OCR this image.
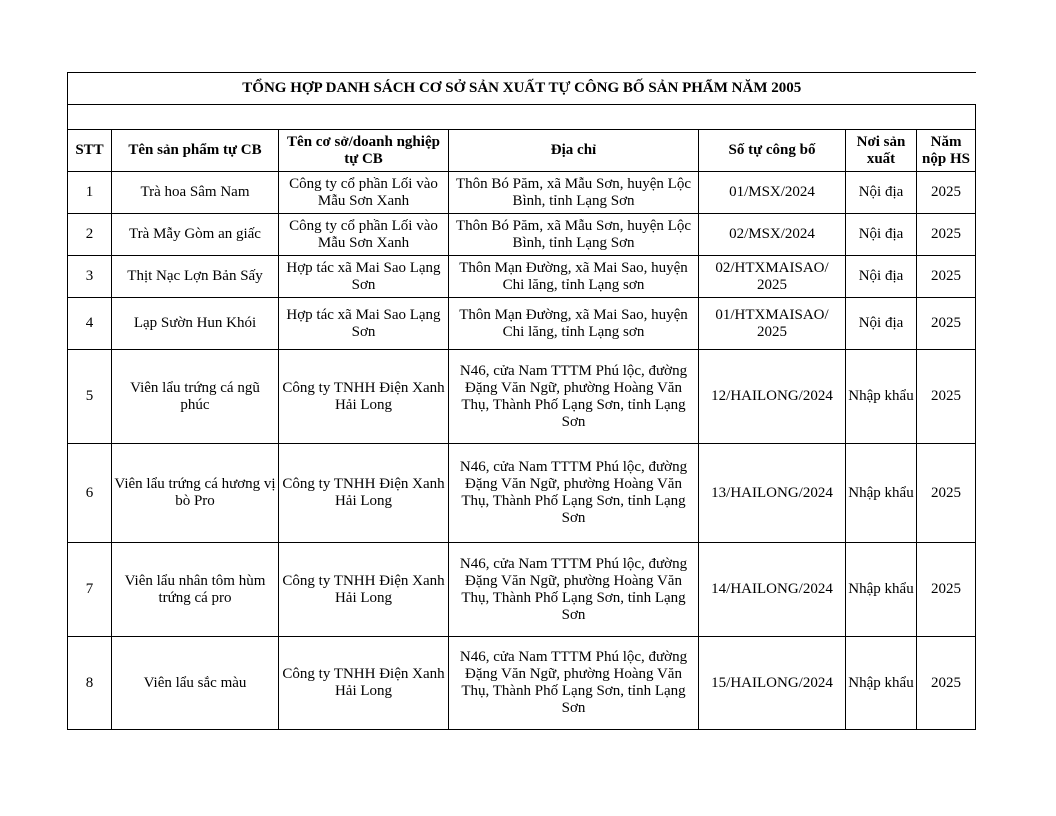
TỔNG HỢP DANH SÁCH CƠ SỞ SẢN XUẤT TỰ CÔNG BỐ SẢN PHẨM NĂM 2005						

STT	Tên sản phẩm tự CB	Tên cơ sở/doanh nghiệp tự CB	Địa chỉ	Số tự công bố	Nơi sản xuất	Năm nộp HS
1	Trà hoa Sâm Nam	Công ty cổ phần Lối vào Mẫu Sơn Xanh	Thôn Bó Păm, xã Mẫu Sơn, huyện Lộc Bình, tỉnh Lạng Sơn	01/MSX/2024	Nội địa	2025
2	Trà Mẫy Gòm an giấc	Công ty cổ phần Lối vào Mẫu Sơn Xanh	Thôn Bó Păm, xã Mẫu Sơn, huyện Lộc Bình, tỉnh Lạng Sơn	02/MSX/2024	Nội địa	2025
3	Thịt Nạc Lợn Bản Sấy	Hợp tác xã Mai Sao Lạng Sơn	Thôn Mạn Đường, xã Mai Sao, huyện Chi lăng, tỉnh Lạng sơn	02/HTXMAISAO/ 2025	Nội địa	2025
4	Lạp Sườn Hun Khói	Hợp tác xã Mai Sao Lạng Sơn	Thôn Mạn Đường, xã Mai Sao, huyện Chi lăng, tỉnh Lạng sơn	01/HTXMAISAO/ 2025	Nội địa	2025
5	Viên lẩu trứng cá ngũ phúc	Công ty TNHH Điện Xanh Hải Long	N46, cửa Nam TTTM Phú lộc, đường Đặng Văn Ngữ, phường Hoàng Văn Thụ, Thành Phố Lạng Sơn, tỉnh Lạng Sơn	12/HAILONG/2024	Nhập khẩu	2025
6	Viên lẩu trứng cá hương vị bò Pro	Công ty TNHH Điện Xanh Hải Long	N46, cửa Nam TTTM Phú lộc, đường Đặng Văn Ngữ, phường Hoàng Văn Thụ, Thành Phố Lạng Sơn, tỉnh Lạng Sơn	13/HAILONG/2024	Nhập khẩu	2025
7	Viên lẩu nhân tôm hùm trứng cá pro	Công ty TNHH Điện Xanh Hải Long	N46, cửa Nam TTTM Phú lộc, đường Đặng Văn Ngữ, phường Hoàng Văn Thụ, Thành Phố Lạng Sơn, tỉnh Lạng Sơn	14/HAILONG/2024	Nhập khẩu	2025
8	Viên lẩu sắc màu	Công ty TNHH Điện Xanh Hải Long	N46, cửa Nam TTTM Phú lộc, đường Đặng Văn Ngữ, phường Hoàng Văn Thụ, Thành Phố Lạng Sơn, tỉnh Lạng Sơn	15/HAILONG/2024	Nhập khẩu	2025
